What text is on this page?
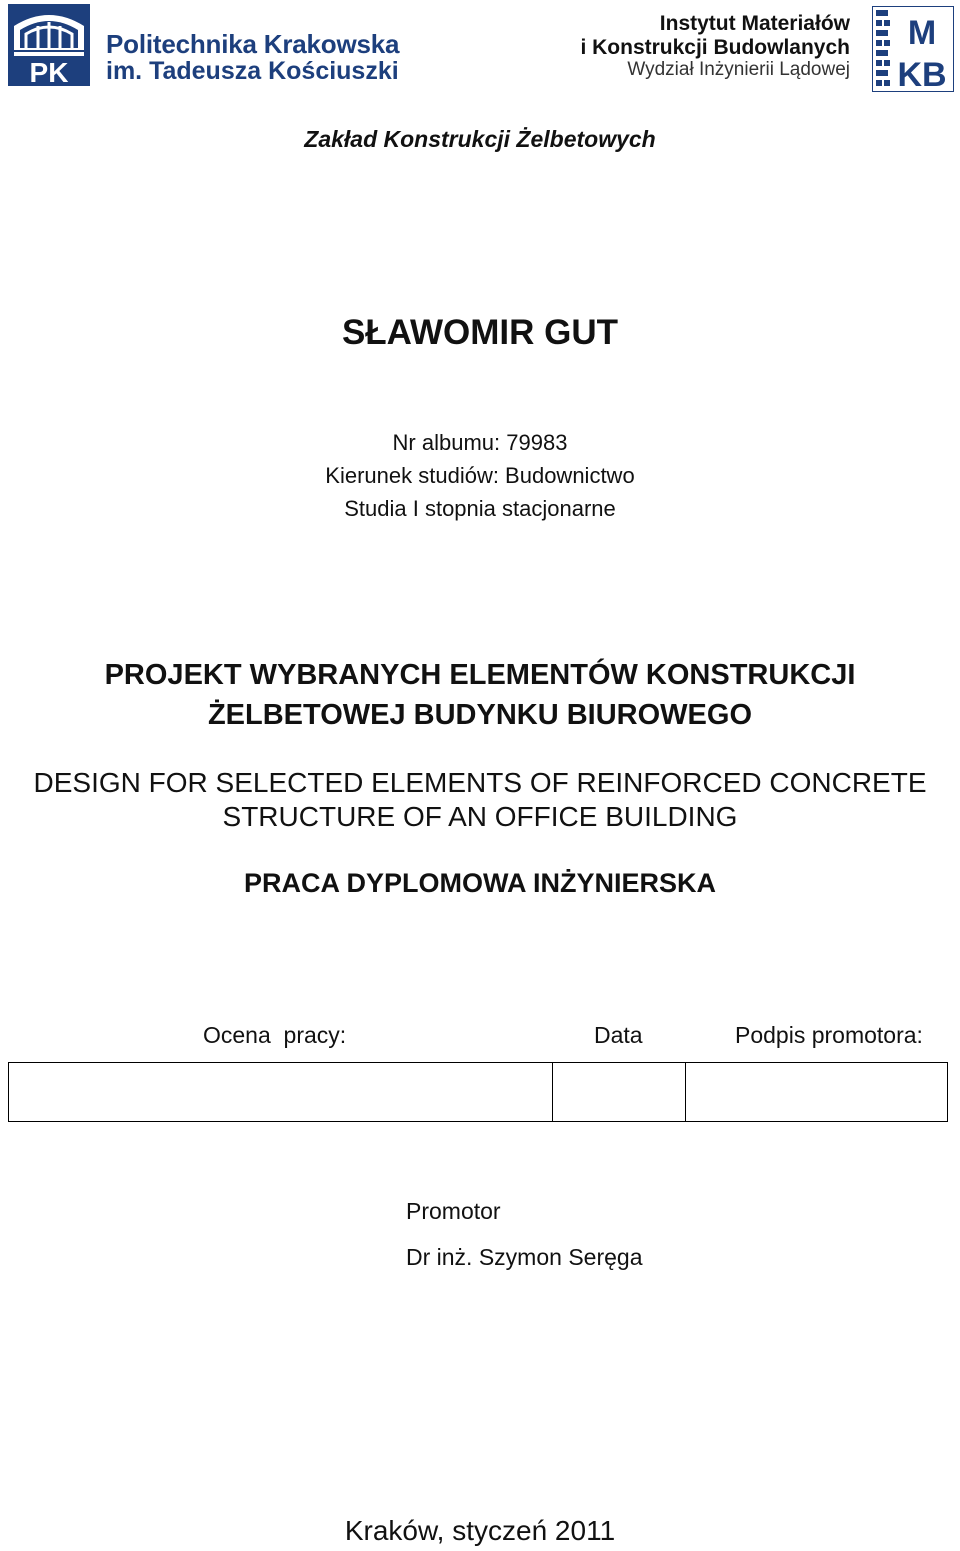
PK
Politechnika Krakowska
im. Tadeusza Kościuszki
Instytut Materiałów
i Konstrukcji Budowlanych
Wydział Inżynierii Lądowej
M
KB
Zakład Konstrukcji Żelbetowych
SŁAWOMIR GUT
Nr albumu: 79983
Kierunek studiów: Budownictwo
Studia I stopnia stacjonarne
PROJEKT WYBRANYCH ELEMENTÓW KONSTRUKCJI
ŻELBETOWEJ BUDYNKU BIUROWEGO
DESIGN FOR SELECTED ELEMENTS OF REINFORCED CONCRETE
STRUCTURE OF AN OFFICE BUILDING
PRACA DYPLOMOWA INŻYNIERSKA
Ocena  pracy:	Data	Podpis promotora:
Promotor
Dr inż. Szymon Seręga
Kraków, styczeń 2011
